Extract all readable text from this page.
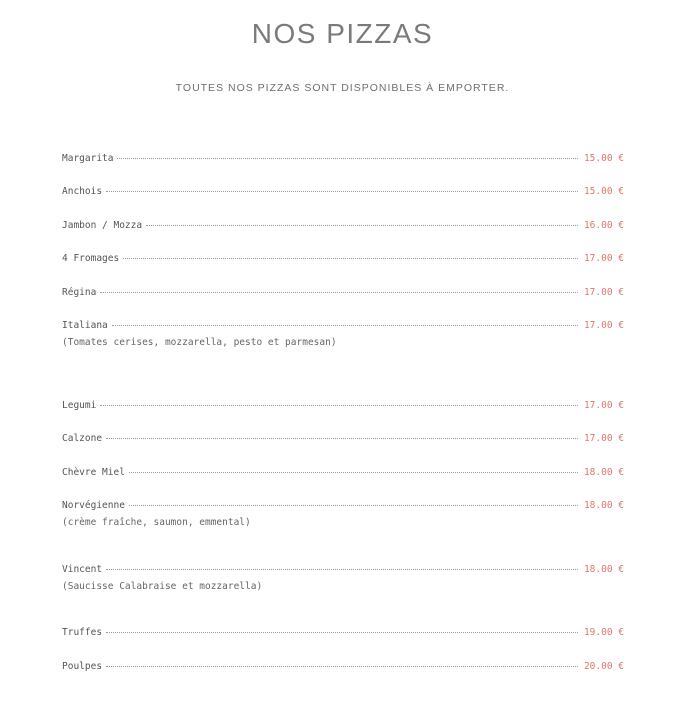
NOS PIZZAS
TOUTES NOS PIZZAS SONT DISPONIBLES À EMPORTER.
Margarita	15.00 €
Anchois	15.00 €
Jambon / Mozza	16.00 €
4 Fromages	17.00 €
Régina	17.00 €
Italiana	17.00 €
(Tomates cerises, mozzarella, pesto et parmesan)
Legumi	17.00 €
Calzone	17.00 €
Chèvre Miel	18.00 €
Norvégienne	18.00 €
(crème fraîche, saumon, emmental)
Vincent	18.00 €
(Saucisse Calabraise et mozzarella)
Truffes	19.00 €
Poulpes	20.00 €
